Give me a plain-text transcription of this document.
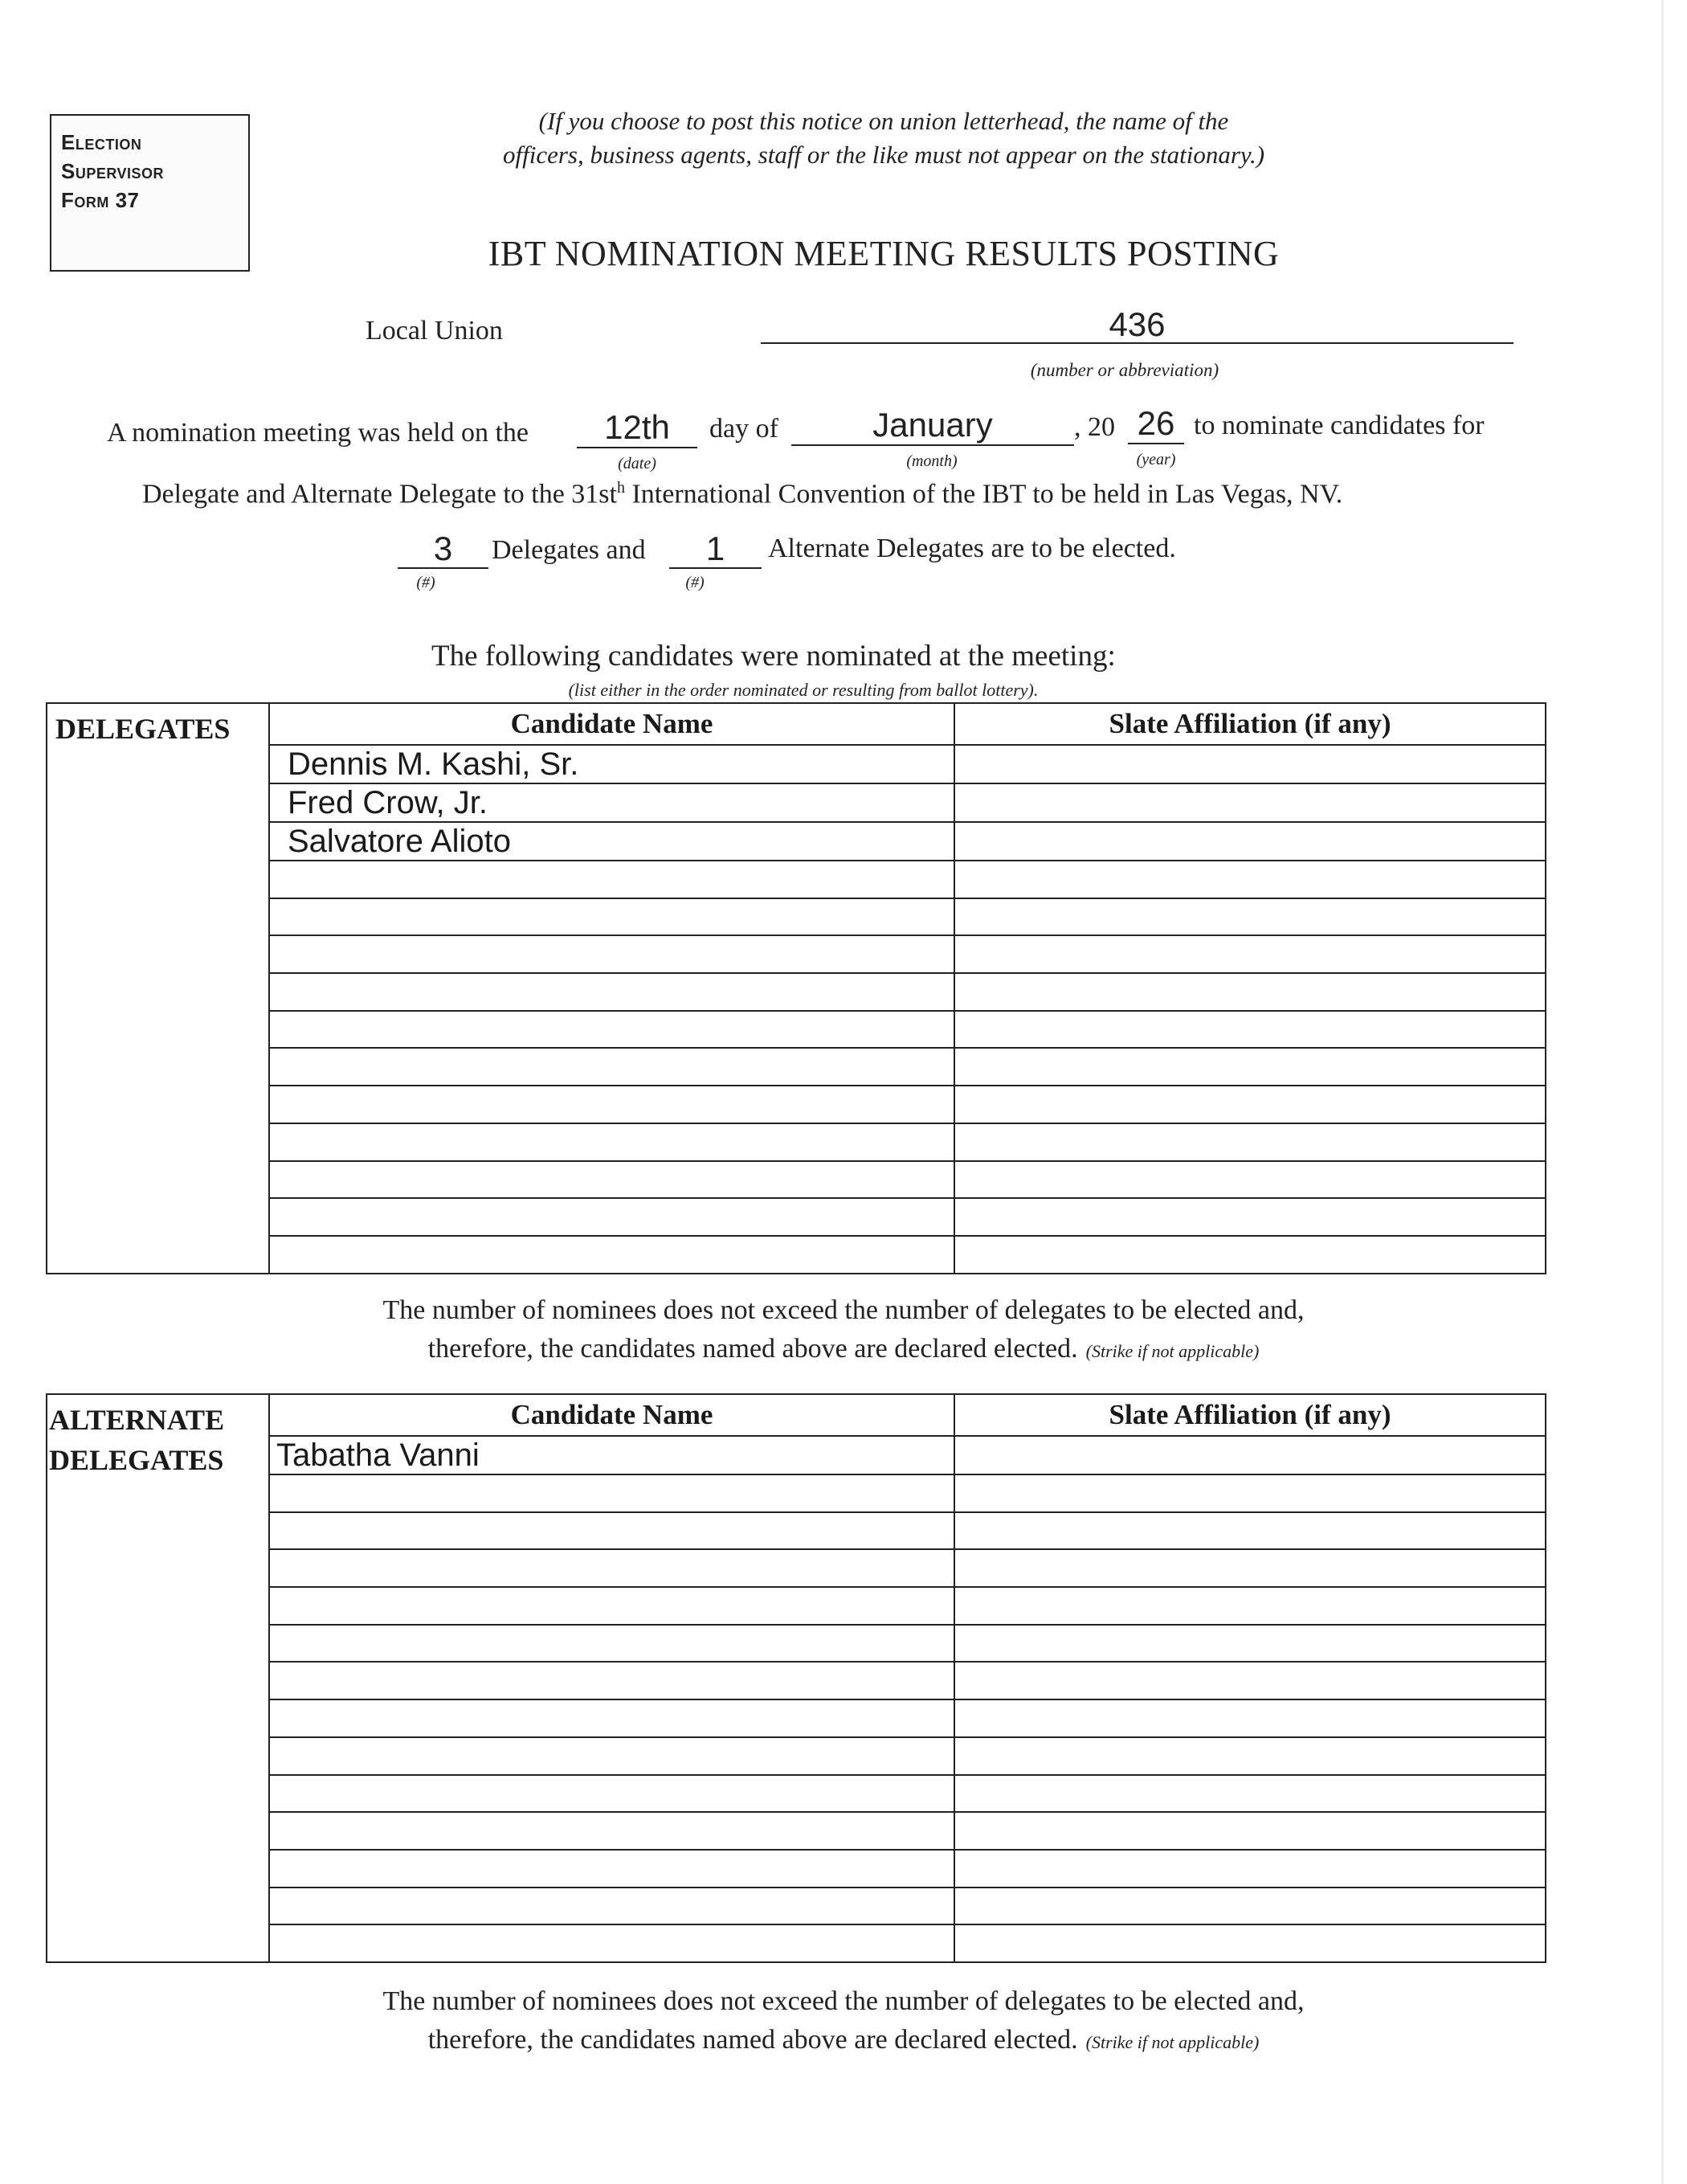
Election
Supervisor
Form 37
(If you choose to post this notice on union letterhead, the name of the
officers, business agents, staff or the like must not appear on the stationary.)
IBT NOMINATION MEETING RESULTS POSTING
Local Union	436
(number or abbreviation)
A nomination meeting was held on the	12th
(date)
day of	January
(month)
, 20 26
(year)
to nominate candidates for
Delegate and Alternate Delegate to the $31st^h$ International Convention of the IBT to be held in Las Vegas, NV.
3
(#)
Delegates and	1
(#)
Alternate Delegates are to be elected.
The following candidates were nominated at the meeting:
(list either in the order nominated or resulting from ballot lottery).
DELEGATES	Candidate Name	Slate Affiliation (if any)
	Dennis M. Kashi, Sr.	
	Fred Crow, Jr.	
	Salvatore Alioto	

The number of nominees does not exceed the number of delegates to be elected and,
therefore, the candidates named above are declared elected. (Strike if not applicable)
ALTERNATE
DELEGATES	Candidate Name	Slate Affiliation (if any)
	Tabatha Vanni	

The number of nominees does not exceed the number of delegates to be elected and,
therefore, the candidates named above are declared elected. (Strike if not applicable)
